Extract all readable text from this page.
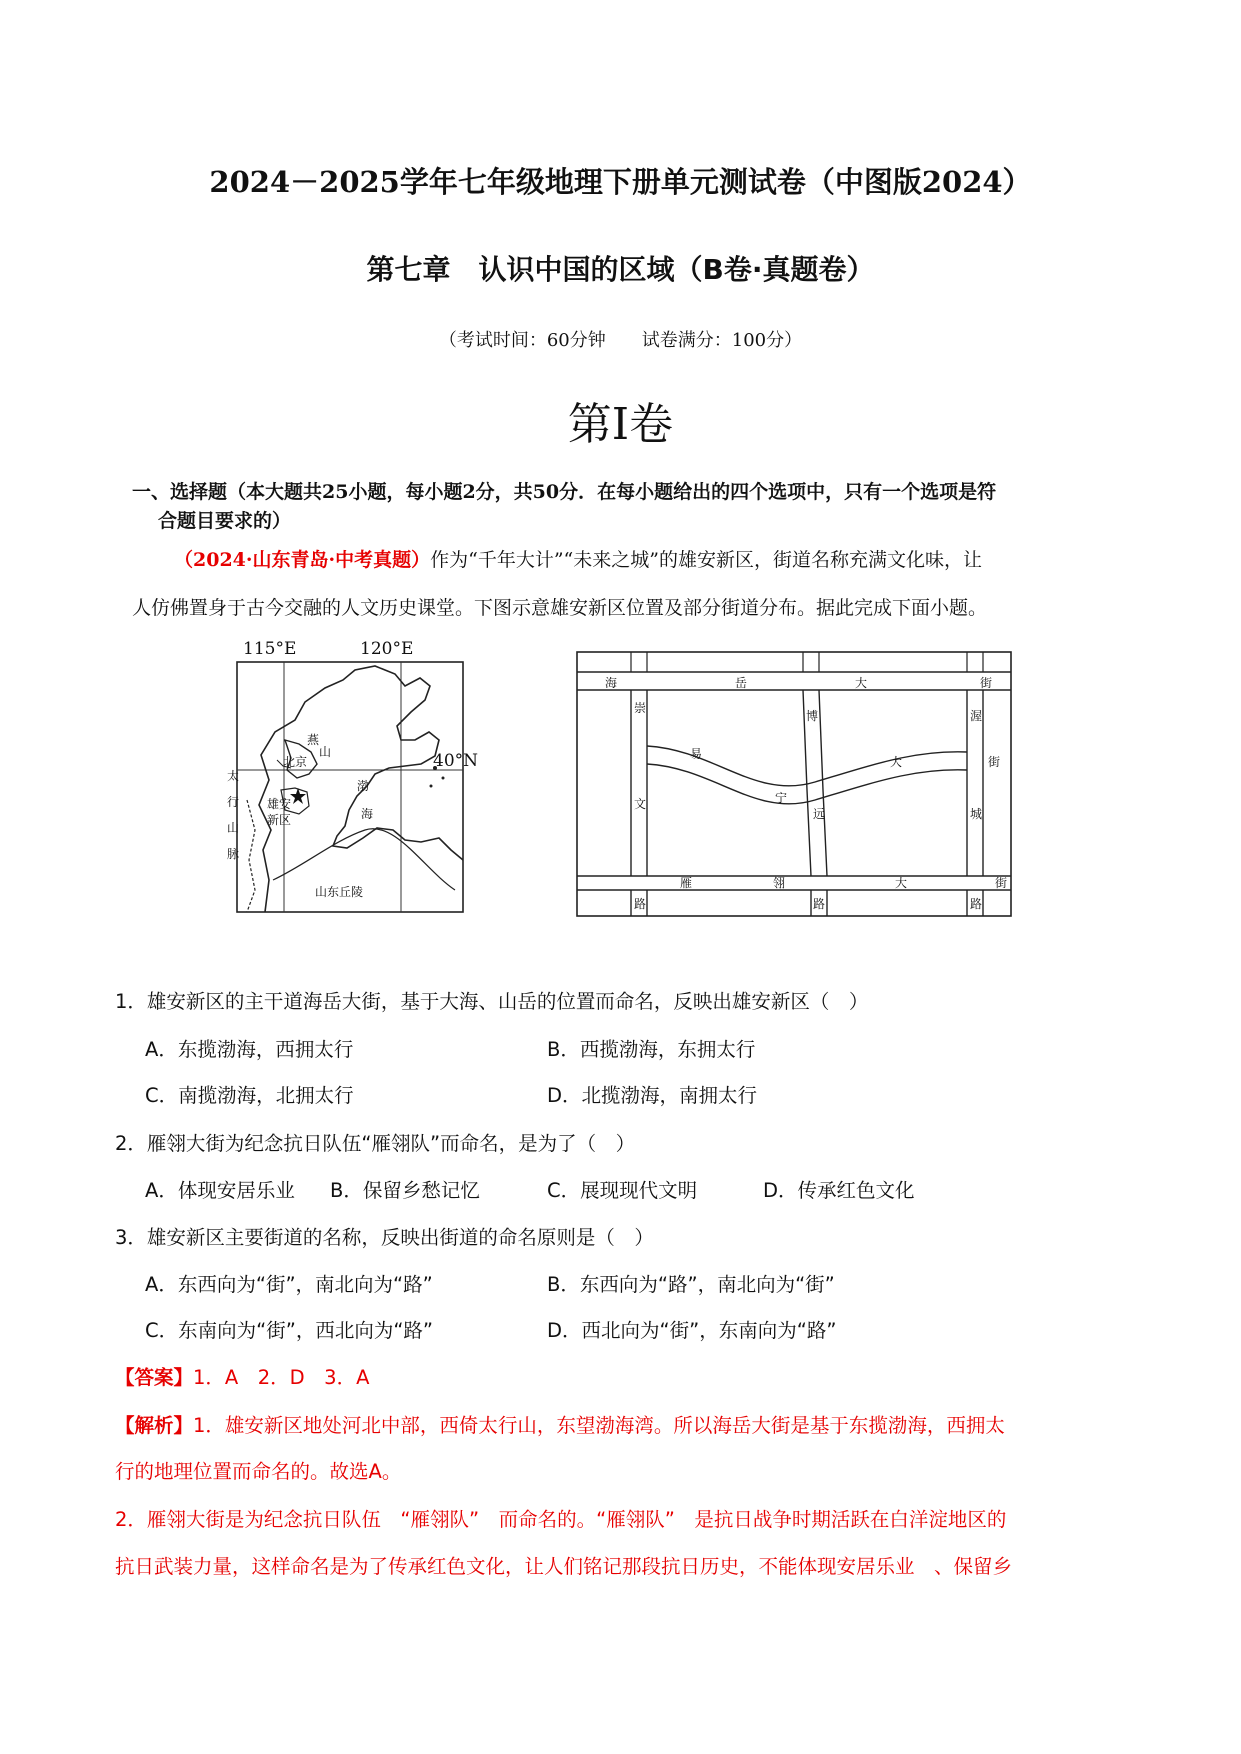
2024－2025学年七年级地理下册单元测试卷（中图版2024）
第七章　认识中国的区域（B卷·真题卷）
（考试时间：60分钟　　试卷满分：100分）
第Ⅰ卷
一、选择题（本大题共25小题，每小题2分，共50分．在每小题给出的四个选项中，只有一个选项是符
合题目要求的）
（2024·山东青岛·中考真题）作为“千年大计”“未来之城”的雄安新区，街道名称充满文化味，让
人仿佛置身于古今交融的人文历史课堂。下图示意雄安新区位置及部分街道分布。据此完成下面小题。
115°E	120°E
40°N
燕
山
北京
雄安
新区
渤
海
太
行
山
脉
山东丘陵
海	岳	大	街
崇
博	渥
易
大	街
文	宁
远	城
雁	翎	大	街
路	路	路
1．雄安新区的主干道海岳大街，基于大海、山岳的位置而命名，反映出雄安新区（　）
A．东揽渤海，西拥太行	B．西揽渤海，东拥太行
C．南揽渤海，北拥太行	D．北揽渤海，南拥太行
2．雁翎大街为纪念抗日队伍“雁翎队”而命名，是为了（　）
A．体现安居乐业 B．保留乡愁记忆	C．展现现代文明	D．传承红色文化
3．雄安新区主要街道的名称，反映出街道的命名原则是（　）
A．东西向为“街”，南北向为“路”	B．东西向为“路”，南北向为“街”
C．东南向为“街”，西北向为“路”	D．西北向为“街”，东南向为“路”
【答案】1．A　2．D　3．A
【解析】1．雄安新区地处河北中部，西倚太行山，东望渤海湾。所以海岳大街是基于东揽渤海，西拥太
行的地理位置而命名的。故选A。
2．雁翎大街是为纪念抗日队伍　“雁翎队”　而命名的。“雁翎队”　是抗日战争时期活跃在白洋淀地区的
抗日武装力量，这样命名是为了传承红色文化，让人们铭记那段抗日历史，不能体现安居乐业　、保留乡
